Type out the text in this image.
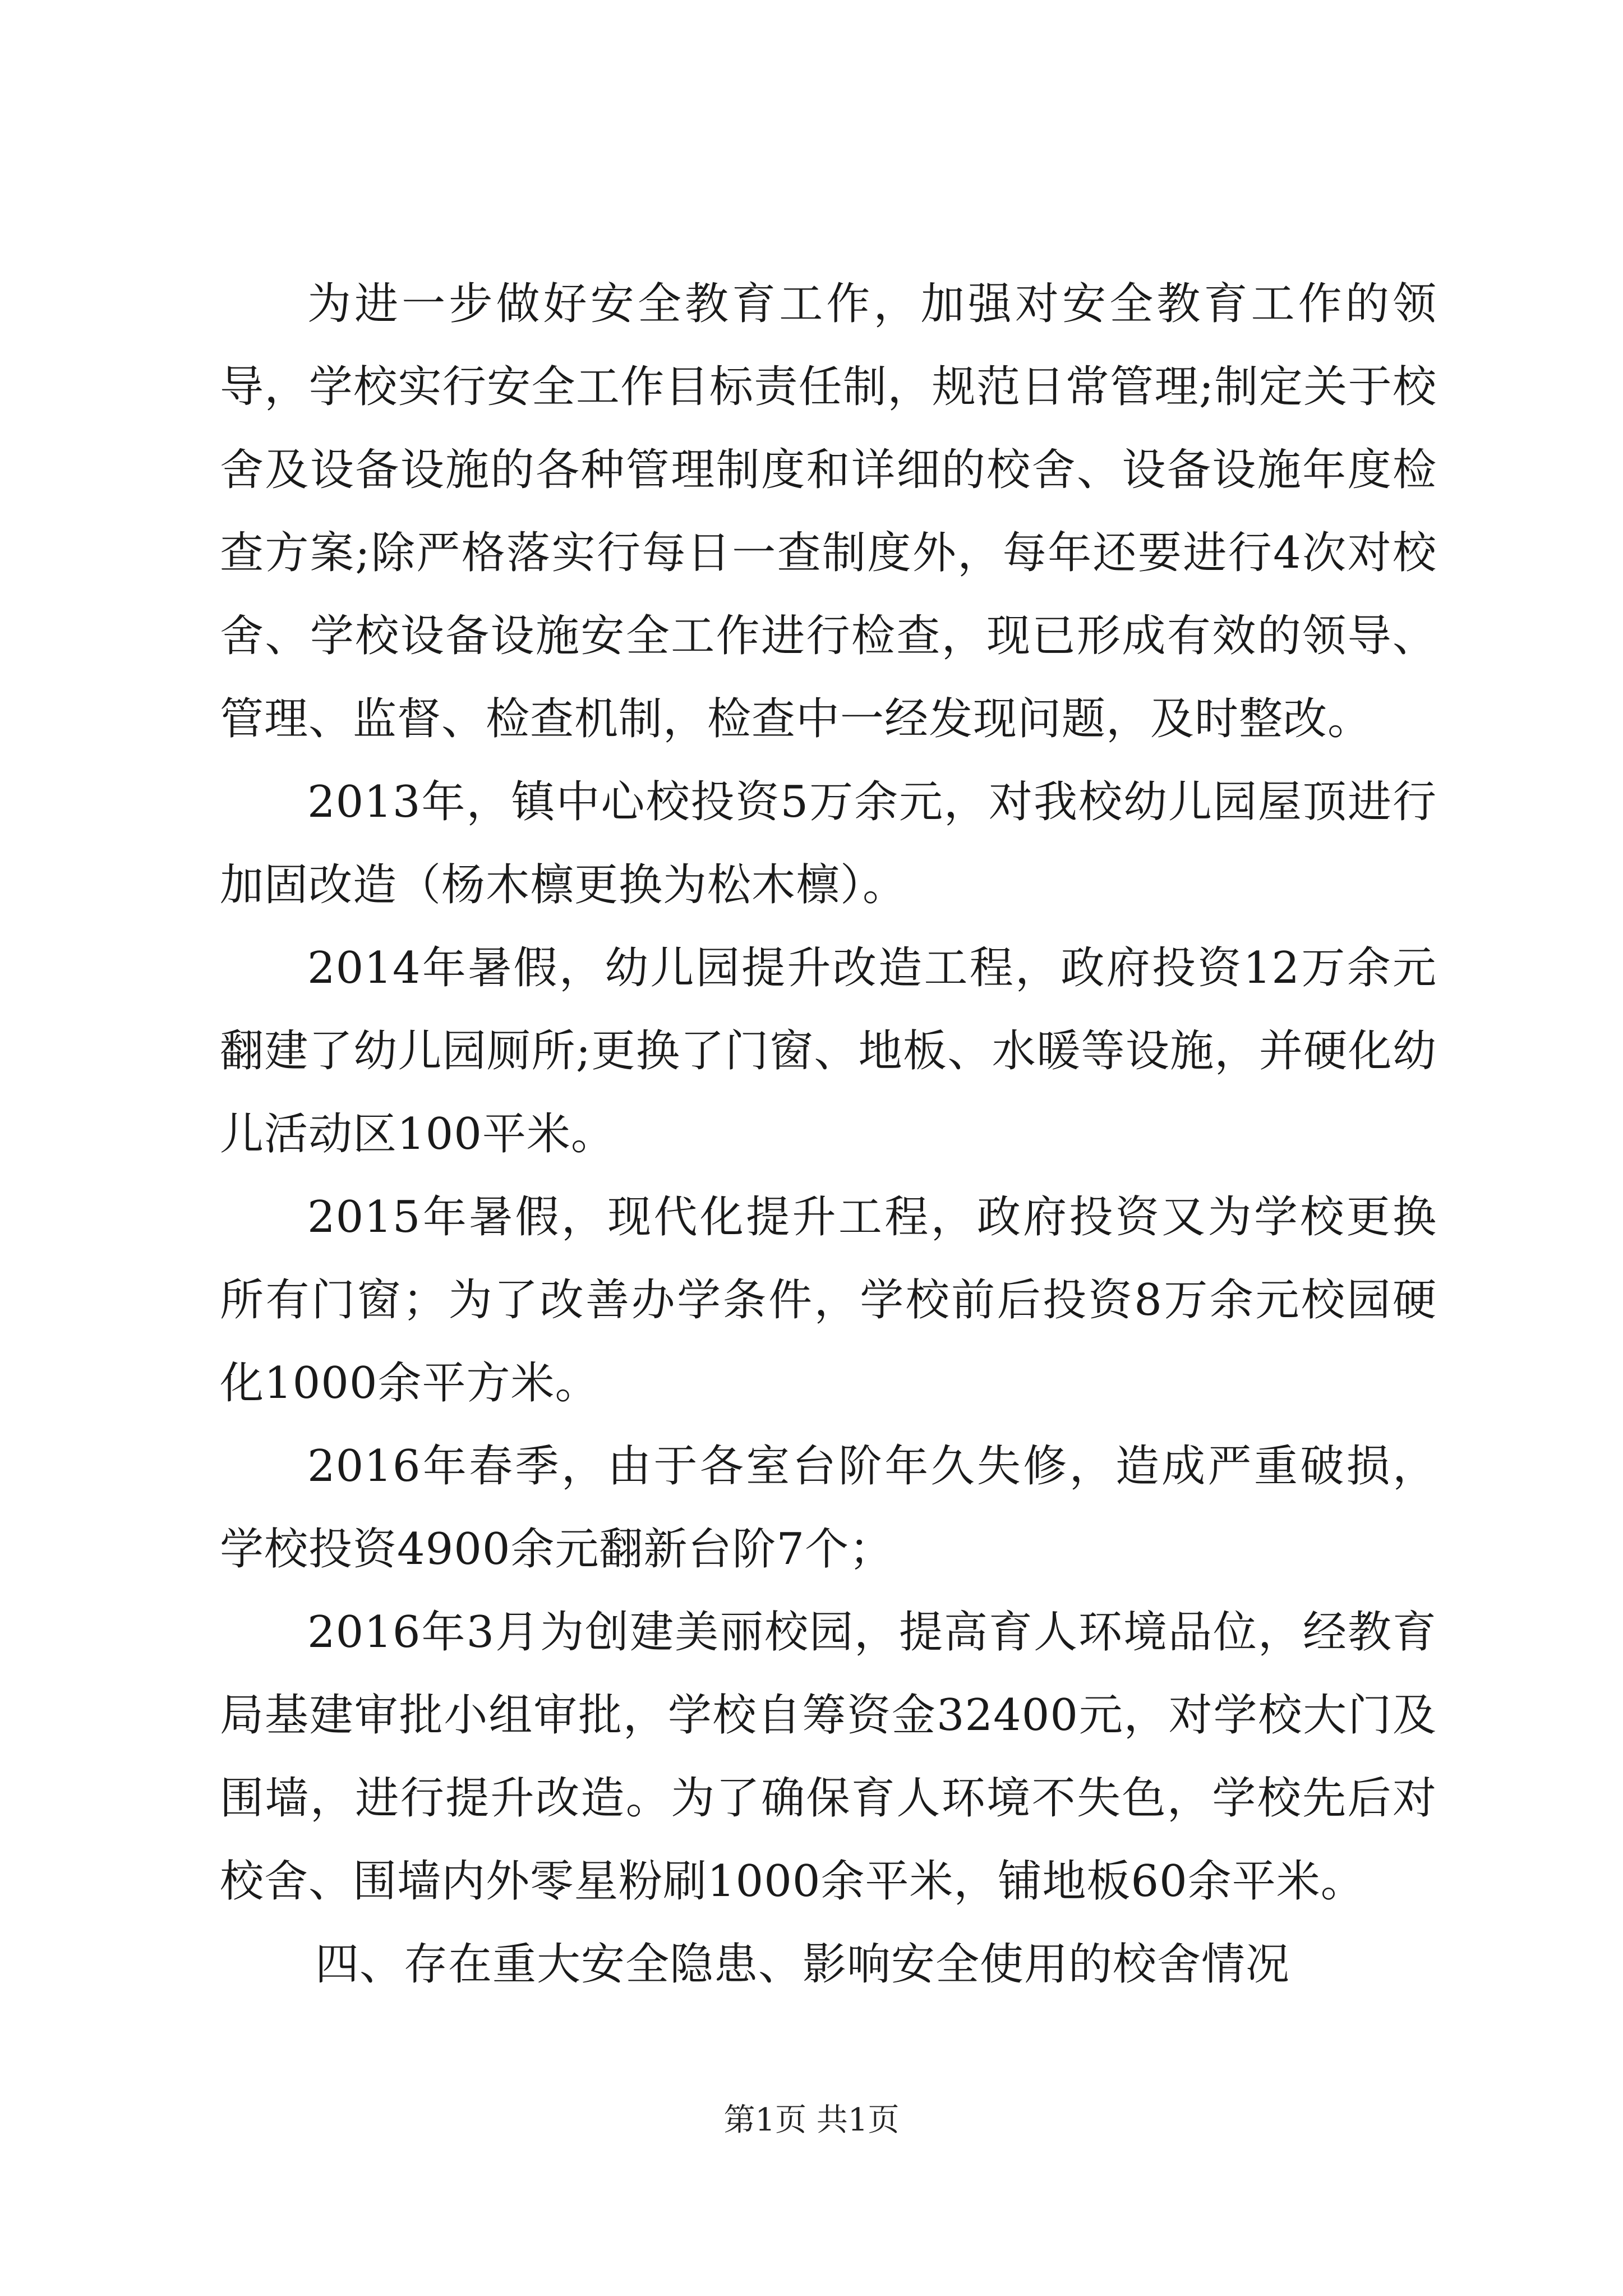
为进一步做好安全教育工作，加强对安全教育工作的领导，学校实行安全工作目标责任制，规范日常管理;制定关于校舍及设备设施的各种管理制度和详细的校舍、设备设施年度检查方案;除严格落实行每日一查制度外，每年还要进行4次对校舍、学校设备设施安全工作进行检查，现已形成有效的领导、管理、监督、检查机制，检查中一经发现问题，及时整改。

2013年，镇中心校投资5万余元，对我校幼儿园屋顶进行加固改造（杨木檩更换为松木檩）。

2014年暑假，幼儿园提升改造工程，政府投资12万余元翻建了幼儿园厕所;更换了门窗、地板、水暖等设施，并硬化幼儿活动区100平米。

2015年暑假，现代化提升工程，政府投资又为学校更换所有门窗；为了改善办学条件，学校前后投资8万余元校园硬化1000余平方米。

2016年春季，由于各室台阶年久失修，造成严重破损，学校投资4900余元翻新台阶7个；

2016年3月为创建美丽校园，提高育人环境品位，经教育局基建审批小组审批，学校自筹资金32400元，对学校大门及围墙，进行提升改造。为了确保育人环境不失色，学校先后对校舍、围墙内外零星粉刷1000余平米，铺地板60余平米。

四、存在重大安全隐患、影响安全使用的校舍情况

第1页 共1页
